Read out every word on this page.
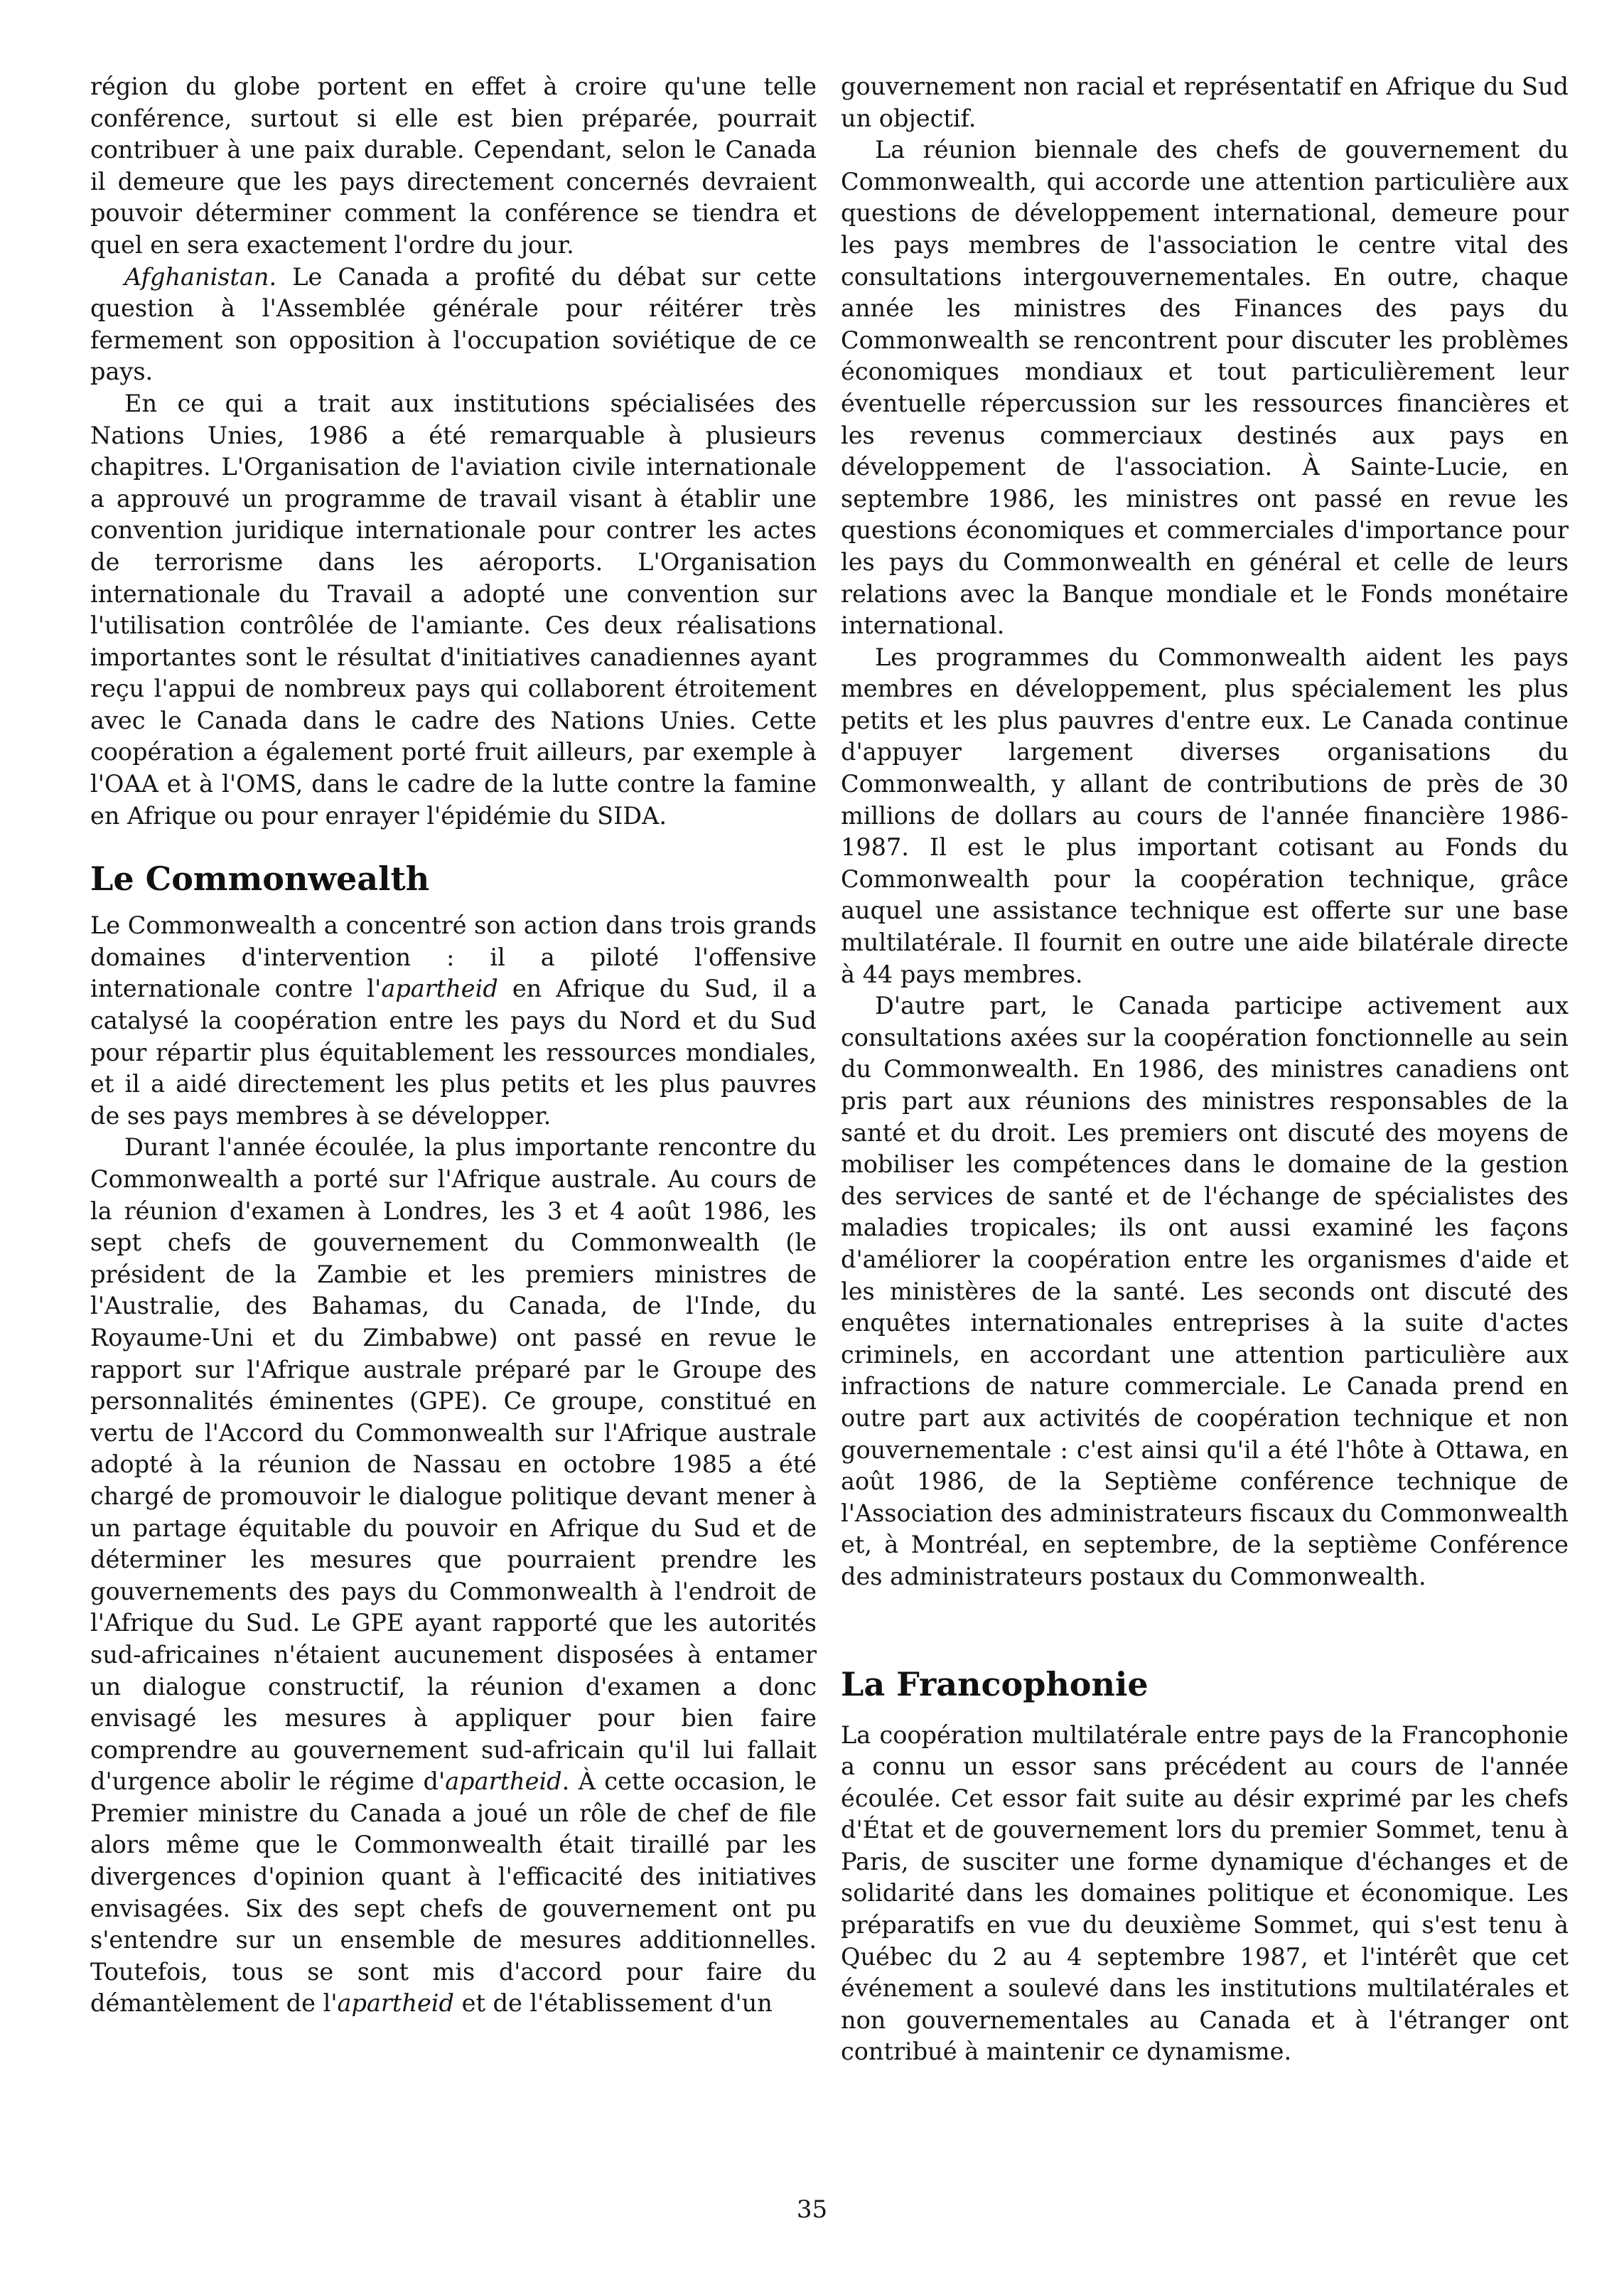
région du globe portent en effet à croire qu'une telle conférence, surtout si elle est bien préparée, pourrait contribuer à une paix durable. Cependant, selon le Canada il demeure que les pays directement concernés devraient pouvoir déterminer comment la conférence se tiendra et quel en sera exactement l'ordre du jour.

Afghanistan. Le Canada a profité du débat sur cette question à l'Assemblée générale pour réitérer très fermement son opposition à l'occupation soviétique de ce pays.

En ce qui a trait aux institutions spécialisées des Nations Unies, 1986 a été remarquable à plusieurs chapitres. L'Organisation de l'aviation civile internationale a approuvé un programme de travail visant à établir une convention juridique internationale pour contrer les actes de terrorisme dans les aéroports. L'Organisation internationale du Travail a adopté une convention sur l'utilisation contrôlée de l'amiante. Ces deux réalisations importantes sont le résultat d'initiatives canadiennes ayant reçu l'appui de nombreux pays qui collaborent étroitement avec le Canada dans le cadre des Nations Unies. Cette coopération a également porté fruit ailleurs, par exemple à l'OAA et à l'OMS, dans le cadre de la lutte contre la famine en Afrique ou pour enrayer l'épidémie du SIDA.

Le Commonwealth

Le Commonwealth a concentré son action dans trois grands domaines d'intervention : il a piloté l'offensive internationale contre l'apartheid en Afrique du Sud, il a catalysé la coopération entre les pays du Nord et du Sud pour répartir plus équitablement les ressources mondiales, et il a aidé directement les plus petits et les plus pauvres de ses pays membres à se développer.

Durant l'année écoulée, la plus importante rencontre du Commonwealth a porté sur l'Afrique australe. Au cours de la réunion d'examen à Londres, les 3 et 4 août 1986, les sept chefs de gouvernement du Commonwealth (le président de la Zambie et les premiers ministres de l'Australie, des Bahamas, du Canada, de l'Inde, du Royaume-Uni et du Zimbabwe) ont passé en revue le rapport sur l'Afrique australe préparé par le Groupe des personnalités éminentes (GPE). Ce groupe, constitué en vertu de l'Accord du Commonwealth sur l'Afrique australe adopté à la réunion de Nassau en octobre 1985 a été chargé de promouvoir le dialogue politique devant mener à un partage équitable du pouvoir en Afrique du Sud et de déterminer les mesures que pourraient prendre les gouvernements des pays du Commonwealth à l'endroit de l'Afrique du Sud. Le GPE ayant rapporté que les autorités sud-africaines n'étaient aucunement disposées à entamer un dialogue constructif, la réunion d'examen a donc envisagé les mesures à appliquer pour bien faire comprendre au gouvernement sud-africain qu'il lui fallait d'urgence abolir le régime d'apartheid. À cette occasion, le Premier ministre du Canada a joué un rôle de chef de file alors même que le Commonwealth était tiraillé par les divergences d'opinion quant à l'efficacité des initiatives envisagées. Six des sept chefs de gouvernement ont pu s'entendre sur un ensemble de mesures additionnelles. Toutefois, tous se sont mis d'accord pour faire du démantèlement de l'apartheid et de l'établissement d'un

gouvernement non racial et représentatif en Afrique du Sud un objectif.

La réunion biennale des chefs de gouvernement du Commonwealth, qui accorde une attention particulière aux questions de développement international, demeure pour les pays membres de l'association le centre vital des consultations intergouvernementales. En outre, chaque année les ministres des Finances des pays du Commonwealth se rencontrent pour discuter les problèmes économiques mondiaux et tout particulièrement leur éventuelle répercussion sur les ressources financières et les revenus commerciaux destinés aux pays en développement de l'association. À Sainte-Lucie, en septembre 1986, les ministres ont passé en revue les questions économiques et commerciales d'importance pour les pays du Commonwealth en général et celle de leurs relations avec la Banque mondiale et le Fonds monétaire international.

Les programmes du Commonwealth aident les pays membres en développement, plus spécialement les plus petits et les plus pauvres d'entre eux. Le Canada continue d'appuyer largement diverses organisations du Commonwealth, y allant de contributions de près de 30 millions de dollars au cours de l'année financière 1986-1987. Il est le plus important cotisant au Fonds du Commonwealth pour la coopération technique, grâce auquel une assistance technique est offerte sur une base multilatérale. Il fournit en outre une aide bilatérale directe à 44 pays membres.

D'autre part, le Canada participe activement aux consultations axées sur la coopération fonctionnelle au sein du Commonwealth. En 1986, des ministres canadiens ont pris part aux réunions des ministres responsables de la santé et du droit. Les premiers ont discuté des moyens de mobiliser les compétences dans le domaine de la gestion des services de santé et de l'échange de spécialistes des maladies tropicales; ils ont aussi examiné les façons d'améliorer la coopération entre les organismes d'aide et les ministères de la santé. Les seconds ont discuté des enquêtes internationales entreprises à la suite d'actes criminels, en accordant une attention particulière aux infractions de nature commerciale. Le Canada prend en outre part aux activités de coopération technique et non gouvernementale : c'est ainsi qu'il a été l'hôte à Ottawa, en août 1986, de la Septième conférence technique de l'Association des administrateurs fiscaux du Commonwealth et, à Montréal, en septembre, de la septième Conférence des administrateurs postaux du Commonwealth.

La Francophonie

La coopération multilatérale entre pays de la Francophonie a connu un essor sans précédent au cours de l'année écoulée. Cet essor fait suite au désir exprimé par les chefs d'État et de gouvernement lors du premier Sommet, tenu à Paris, de susciter une forme dynamique d'échanges et de solidarité dans les domaines politique et économique. Les préparatifs en vue du deuxième Sommet, qui s'est tenu à Québec du 2 au 4 septembre 1987, et l'intérêt que cet événement a soulevé dans les institutions multilatérales et non gouvernementales au Canada et à l'étranger ont contribué à maintenir ce dynamisme.

35
